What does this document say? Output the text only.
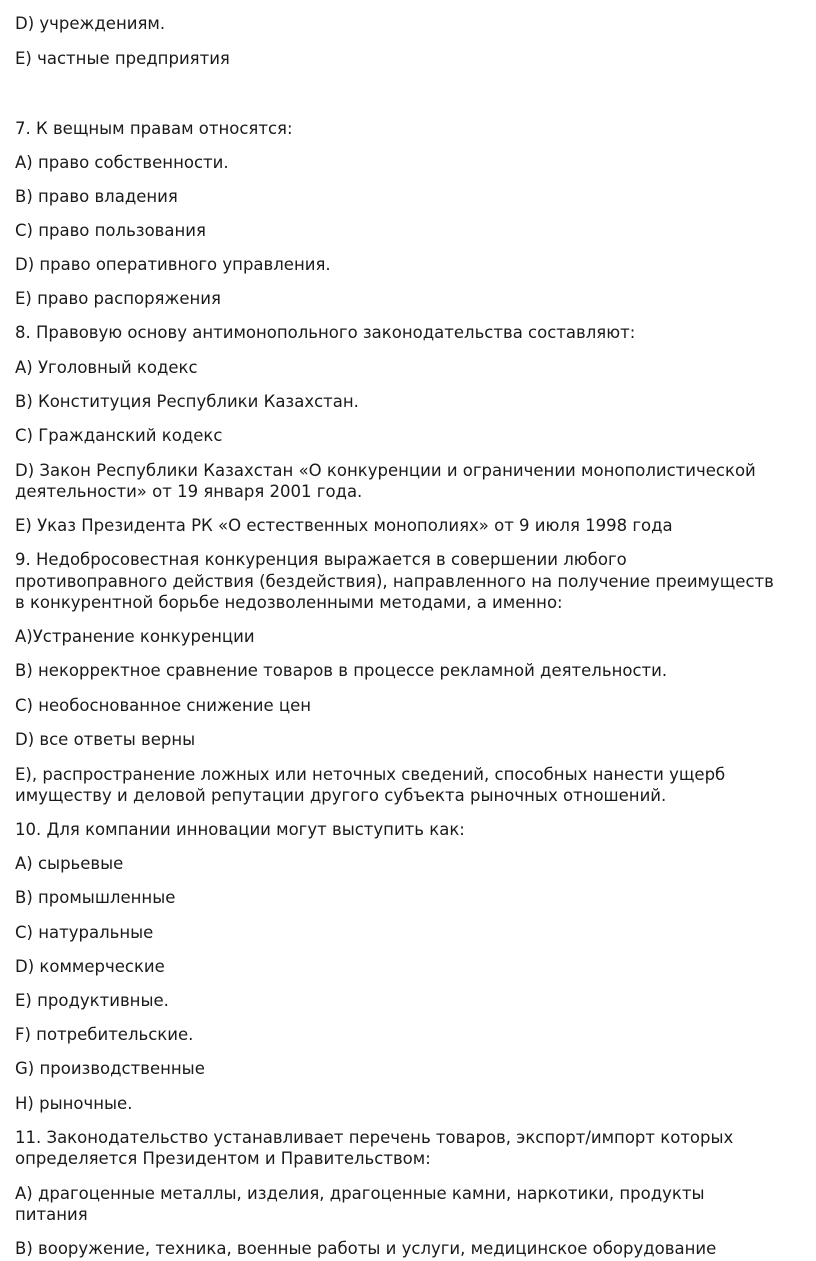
D) учреждениям.
E) частные предприятия
7. К вещным правам относятся:
A) право собственности.
B) право владения
C) право пользования
D) право оперативного управления.
E) право распоряжения
8. Правовую основу антимонопольного законодательства составляют:
A) Уголовный кодекс
B) Конституция Республики Казахстан.
C) Гражданский кодекс
D) Закон Республики Казахстан «О конкуренции и ограничении монополистической
деятельности» от 19 января 2001 года.
E) Указ Президента РК «О естественных монополиях» от 9 июля 1998 года
9. Недобросовестная конкуренция выражается в совершении любого
противоправного действия (бездействия), направленного на получение преимуществ
в конкурентной борьбе недозволенными методами, а именно:
A)Устранение конкуренции
B) некорректное сравнение товаров в процессе рекламной деятельности.
C) необоснованное снижение цен
D) все ответы верны
E), распространение ложных или неточных сведений, способных нанести ущерб
имуществу и деловой репутации другого субъекта рыночных отношений.
10. Для компании инновации могут выступить как:
A) сырьевые
B) промышленные
C) натуральные
D) коммерческие
E) продуктивные.
F) потребительские.
G) производственные
H) рыночные.
11. Законодательство устанавливает перечень товаров, экспорт/импорт которых
определяется Президентом и Правительством:
A) драгоценные металлы, изделия, драгоценные камни, наркотики, продукты
питания
B) вооружение, техника, военные работы и услуги, медицинское оборудование
